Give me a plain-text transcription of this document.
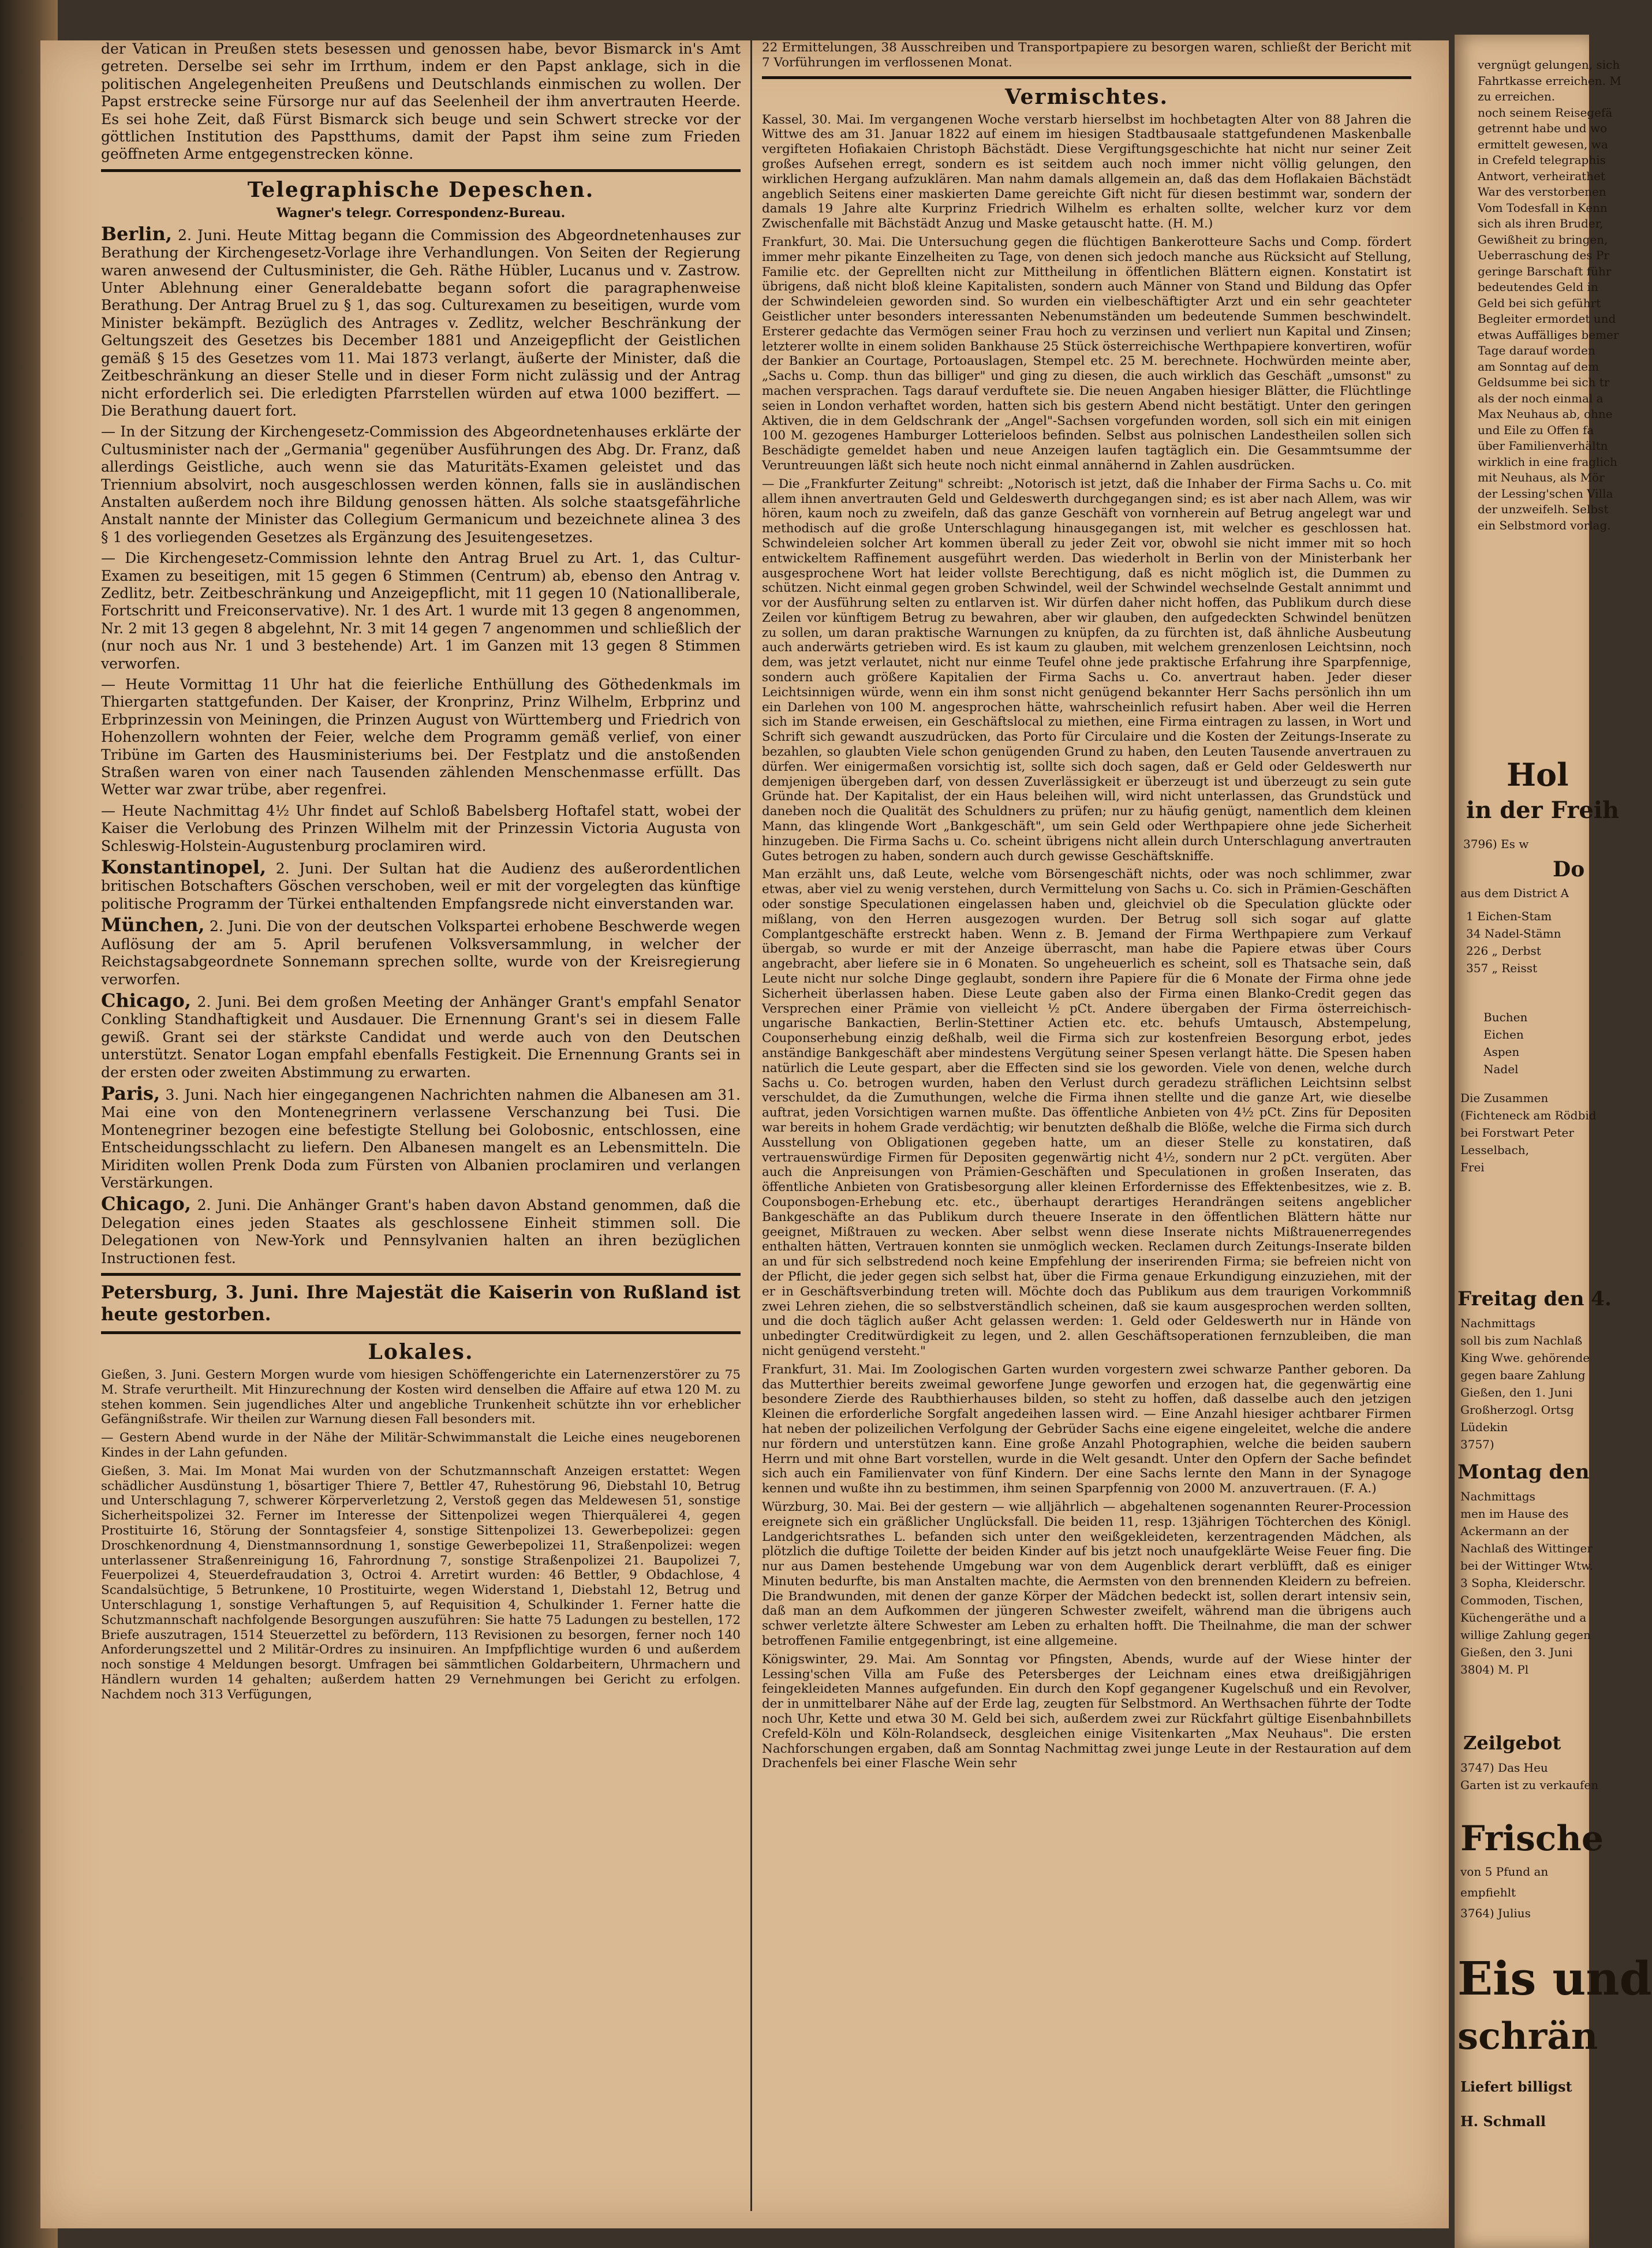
der Vatican in Preußen stets besessen und genossen habe, bevor Bismarck in's Amt getreten. Derselbe sei sehr im Irrthum, indem er den Papst anklage, sich in die politischen Angelegenheiten Preußens und Deutschlands einmischen zu wollen. Der Papst erstrecke seine Fürsorge nur auf das Seelenheil der ihm anvertrauten Heerde. Es sei hohe Zeit, daß Fürst Bismarck sich beuge und sein Schwert strecke vor der göttlichen Institution des Papstthums, damit der Papst ihm seine zum Frieden geöffneten Arme entgegenstrecken könne.

Telegraphische Depeschen.
Wagner's telegr. Correspondenz-Bureau.

Berlin, 2. Juni. Heute Mittag begann die Commission des Abgeordnetenhauses zur Berathung der Kirchengesetz-Vorlage ihre Verhandlungen. Von Seiten der Regierung waren anwesend der Cultusminister, die Geh. Räthe Hübler, Lucanus und v. Zastrow. Unter Ablehnung einer Generaldebatte begann sofort die paragraphenweise Berathung. Der Antrag Bruel zu § 1, das sog. Culturexamen zu beseitigen, wurde vom Minister bekämpft. Bezüglich des Antrages v. Zedlitz, welcher Beschränkung der Geltungszeit des Gesetzes bis December 1881 und Anzeigepflicht der Geistlichen gemäß § 15 des Gesetzes vom 11. Mai 1873 verlangt, äußerte der Minister, daß die Zeitbeschränkung an dieser Stelle und in dieser Form nicht zulässig und der Antrag nicht erforderlich sei. Die erledigten Pfarrstellen würden auf etwa 1000 beziffert. — Die Berathung dauert fort.

— In der Sitzung der Kirchengesetz-Commission des Abgeordnetenhauses erklärte der Cultusminister nach der „Germania" gegenüber Ausführungen des Abg. Dr. Franz, daß allerdings Geistliche, auch wenn sie das Maturitäts-Examen geleistet und das Triennium absolvirt, noch ausgeschlossen werden können, falls sie in ausländischen Anstalten außerdem noch ihre Bildung genossen hätten. Als solche staatsgefährliche Anstalt nannte der Minister das Collegium Germanicum und bezeichnete alinea 3 des § 1 des vorliegenden Gesetzes als Ergänzung des Jesuitengesetzes.

— Die Kirchengesetz-Commission lehnte den Antrag Bruel zu Art. 1, das Cultur-Examen zu beseitigen, mit 15 gegen 6 Stimmen (Centrum) ab, ebenso den Antrag v. Zedlitz, betr. Zeitbeschränkung und Anzeigepflicht, mit 11 gegen 10 (Nationalliberale, Fortschritt und Freiconservative). Nr. 1 des Art. 1 wurde mit 13 gegen 8 angenommen, Nr. 2 mit 13 gegen 8 abgelehnt, Nr. 3 mit 14 gegen 7 angenommen und schließlich der (nur noch aus Nr. 1 und 3 bestehende) Art. 1 im Ganzen mit 13 gegen 8 Stimmen verworfen.

— Heute Vormittag 11 Uhr hat die feierliche Enthüllung des Göthedenkmals im Thiergarten stattgefunden. Der Kaiser, der Kronprinz, Prinz Wilhelm, Erbprinz und Erbprinzessin von Meiningen, die Prinzen August von Württemberg und Friedrich von Hohenzollern wohnten der Feier, welche dem Programm gemäß verlief, von einer Tribüne im Garten des Hausministeriums bei. Der Festplatz und die anstoßenden Straßen waren von einer nach Tausenden zählenden Menschenmasse erfüllt. Das Wetter war zwar trübe, aber regenfrei.

— Heute Nachmittag 4½ Uhr findet auf Schloß Babelsberg Hoftafel statt, wobei der Kaiser die Verlobung des Prinzen Wilhelm mit der Prinzessin Victoria Augusta von Schleswig-Holstein-Augustenburg proclamiren wird.

Konstantinopel, 2. Juni. Der Sultan hat die Audienz des außerordentlichen britischen Botschafters Göschen verschoben, weil er mit der vorgelegten das künftige politische Programm der Türkei enthaltenden Empfangsrede nicht einverstanden war.

München, 2. Juni. Die von der deutschen Volkspartei erhobene Beschwerde wegen Auflösung der am 5. April berufenen Volksversammlung, in welcher der Reichstagsabgeordnete Sonnemann sprechen sollte, wurde von der Kreisregierung verworfen.

Chicago, 2. Juni. Bei dem großen Meeting der Anhänger Grant's empfahl Senator Conkling Standhaftigkeit und Ausdauer. Die Ernennung Grant's sei in diesem Falle gewiß. Grant sei der stärkste Candidat und werde auch von den Deutschen unterstützt. Senator Logan empfahl ebenfalls Festigkeit. Die Ernennung Grants sei in der ersten oder zweiten Abstimmung zu erwarten.

Paris, 3. Juni. Nach hier eingegangenen Nachrichten nahmen die Albanesen am 31. Mai eine von den Montenegrinern verlassene Verschanzung bei Tusi. Die Montenegriner bezogen eine befestigte Stellung bei Golobosnic, entschlossen, eine Entscheidungsschlacht zu liefern. Den Albanesen mangelt es an Lebensmitteln. Die Miriditen wollen Prenk Doda zum Fürsten von Albanien proclamiren und verlangen Verstärkungen.

Chicago, 2. Juni. Die Anhänger Grant's haben davon Abstand genommen, daß die Delegation eines jeden Staates als geschlossene Einheit stimmen soll. Die Delegationen von New-York und Pennsylvanien halten an ihren bezüglichen Instructionen fest.

Petersburg, 3. Juni. Ihre Majestät die Kaiserin von Rußland ist heute gestorben.
Lokales.

Gießen, 3. Juni. Gestern Morgen wurde vom hiesigen Schöffengerichte ein Laternenzerstörer zu 75 M. Strafe verurtheilt. Mit Hinzurechnung der Kosten wird denselben die Affaire auf etwa 120 M. zu stehen kommen. Sein jugendliches Alter und angebliche Trunkenheit schützte ihn vor erheblicher Gefängnißstrafe. Wir theilen zur Warnung diesen Fall besonders mit.

— Gestern Abend wurde in der Nähe der Militär-Schwimmanstalt die Leiche eines neugeborenen Kindes in der Lahn gefunden.

Gießen, 3. Mai. Im Monat Mai wurden von der Schutzmannschaft Anzeigen erstattet: Wegen schädlicher Ausdünstung 1, bösartiger Thiere 7, Bettler 47, Ruhestörung 96, Diebstahl 10, Betrug und Unterschlagung 7, schwerer Körperverletzung 2, Verstoß gegen das Meldewesen 51, sonstige Sicherheitspolizei 32. Ferner im Interesse der Sittenpolizei wegen Thierquälerei 4, gegen Prostituirte 16, Störung der Sonntagsfeier 4, sonstige Sittenpolizei 13. Gewerbepolizei: gegen Droschkenordnung 4, Dienstmannsordnung 1, sonstige Gewerbepolizei 11, Straßenpolizei: wegen unterlassener Straßenreinigung 16, Fahrordnung 7, sonstige Straßenpolizei 21. Baupolizei 7, Feuerpolizei 4, Steuerdefraudation 3, Octroi 4. Arretirt wurden: 46 Bettler, 9 Obdachlose, 4 Scandalsüchtige, 5 Betrunkene, 10 Prostituirte, wegen Widerstand 1, Diebstahl 12, Betrug und Unterschlagung 1, sonstige Verhaftungen 5, auf Requisition 4, Schulkinder 1. Ferner hatte die Schutzmannschaft nachfolgende Besorgungen auszuführen: Sie hatte 75 Ladungen zu bestellen, 172 Briefe auszutragen, 1514 Steuerzettel zu befördern, 113 Revisionen zu besorgen, ferner noch 140 Anforderungszettel und 2 Militär-Ordres zu insinuiren. An Impfpflichtige wurden 6 und außerdem noch sonstige 4 Meldungen besorgt. Umfragen bei sämmtlichen Goldarbeitern, Uhrmachern und Händlern wurden 14 gehalten; außerdem hatten 29 Vernehmungen bei Gericht zu erfolgen. Nachdem noch 313 Verfügungen,

22 Ermittelungen, 38 Ausschreiben und Transportpapiere zu besorgen waren, schließt der Bericht mit 7 Vorführungen im verflossenen Monat.

Vermischtes.

Kassel, 30. Mai. Im vergangenen Woche verstarb hierselbst im hochbetagten Alter von 88 Jahren die Wittwe des am 31. Januar 1822 auf einem im hiesigen Stadtbausaale stattgefundenen Maskenballe vergifteten Hofiakaien Christoph Bächstädt. Diese Vergiftungsgeschichte hat nicht nur seiner Zeit großes Aufsehen erregt, sondern es ist seitdem auch noch immer nicht völlig gelungen, den wirklichen Hergang aufzuklären. Man nahm damals allgemein an, daß das dem Hoflakaien Bächstädt angeblich Seitens einer maskierten Dame gereichte Gift nicht für diesen bestimmt war, sondern der damals 19 Jahre alte Kurprinz Friedrich Wilhelm es erhalten sollte, welcher kurz vor dem Zwischenfalle mit Bächstädt Anzug und Maske getauscht hatte. (H. M.)

Frankfurt, 30. Mai. Die Untersuchung gegen die flüchtigen Bankerotteure Sachs und Comp. fördert immer mehr pikante Einzelheiten zu Tage, von denen sich jedoch manche aus Rücksicht auf Stellung, Familie etc. der Geprellten nicht zur Mittheilung in öffentlichen Blättern eignen. Konstatirt ist übrigens, daß nicht bloß kleine Kapitalisten, sondern auch Männer von Stand und Bildung das Opfer der Schwindeleien geworden sind. So wurden ein vielbeschäftigter Arzt und ein sehr geachteter Geistlicher unter besonders interessanten Nebenumständen um bedeutende Summen beschwindelt. Ersterer gedachte das Vermögen seiner Frau hoch zu verzinsen und verliert nun Kapital und Zinsen; letzterer wollte in einem soliden Bankhause 25 Stück österreichische Werthpapiere konvertiren, wofür der Bankier an Courtage, Portoauslagen, Stempel etc. 25 M. berechnete. Hochwürden meinte aber, „Sachs u. Comp. thun das billiger" und ging zu diesen, die auch wirklich das Geschäft „umsonst" zu machen versprachen. Tags darauf verduftete sie. Die neuen Angaben hiesiger Blätter, die Flüchtlinge seien in London verhaftet worden, hatten sich bis gestern Abend nicht bestätigt. Unter den geringen Aktiven, die in dem Geldschrank der „Angel"-Sachsen vorgefunden worden, soll sich ein mit einigen 100 M. gezogenes Hamburger Lotterieloos befinden. Selbst aus polnischen Landestheilen sollen sich Beschädigte gemeldet haben und neue Anzeigen laufen tagtäglich ein. Die Gesammtsumme der Veruntreuungen läßt sich heute noch nicht einmal annähernd in Zahlen ausdrücken.

— Die „Frankfurter Zeitung" schreibt: „Notorisch ist jetzt, daß die Inhaber der Firma Sachs u. Co. mit allem ihnen anvertrauten Geld und Geldeswerth durchgegangen sind; es ist aber nach Allem, was wir hören, kaum noch zu zweifeln, daß das ganze Geschäft von vornherein auf Betrug angelegt war und methodisch auf die große Unterschlagung hinausgegangen ist, mit welcher es geschlossen hat. Schwindeleien solcher Art kommen überall zu jeder Zeit vor, obwohl sie nicht immer mit so hoch entwickeltem Raffinement ausgeführt werden. Das wiederholt in Berlin von der Ministerbank her ausgesprochene Wort hat leider vollste Berechtigung, daß es nicht möglich ist, die Dummen zu schützen. Nicht einmal gegen groben Schwindel, weil der Schwindel wechselnde Gestalt annimmt und vor der Ausführung selten zu entlarven ist. Wir dürfen daher nicht hoffen, das Publikum durch diese Zeilen vor künftigem Betrug zu bewahren, aber wir glauben, den aufgedeckten Schwindel benützen zu sollen, um daran praktische Warnungen zu knüpfen, da zu fürchten ist, daß ähnliche Ausbeutung auch anderwärts getrieben wird. Es ist kaum zu glauben, mit welchem grenzenlosen Leichtsinn, noch dem, was jetzt verlautet, nicht nur einme Teufel ohne jede praktische Erfahrung ihre Sparpfennige, sondern auch größere Kapitalien der Firma Sachs u. Co. anvertraut haben. Jeder dieser Leichtsinnigen würde, wenn ein ihm sonst nicht genügend bekannter Herr Sachs persönlich ihn um ein Darlehen von 100 M. angesprochen hätte, wahrscheinlich refusirt haben. Aber weil die Herren sich im Stande erweisen, ein Geschäftslocal zu miethen, eine Firma eintragen zu lassen, in Wort und Schrift sich gewandt auszudrücken, das Porto für Circulaire und die Kosten der Zeitungs-Inserate zu bezahlen, so glaubten Viele schon genügenden Grund zu haben, den Leuten Tausende anvertrauen zu dürfen. Wer einigermaßen vorsichtig ist, sollte sich doch sagen, daß er Geld oder Geldeswerth nur demjenigen übergeben darf, von dessen Zuverlässigkeit er überzeugt ist und überzeugt zu sein gute Gründe hat. Der Kapitalist, der ein Haus beleihen will, wird nicht unterlassen, das Grundstück und daneben noch die Qualität des Schuldners zu prüfen; nur zu häufig genügt, namentlich dem kleinen Mann, das klingende Wort „Bankgeschäft", um sein Geld oder Werthpapiere ohne jede Sicherheit hinzugeben. Die Firma Sachs u. Co. scheint übrigens nicht allein durch Unterschlagung anvertrauten Gutes betrogen zu haben, sondern auch durch gewisse Geschäftskniffe.

Man erzählt uns, daß Leute, welche vom Börsengeschäft nichts, oder was noch schlimmer, zwar etwas, aber viel zu wenig verstehen, durch Vermittelung von Sachs u. Co. sich in Prämien-Geschäften oder sonstige Speculationen eingelassen haben und, gleichviel ob die Speculation glückte oder mißlang, von den Herren ausgezogen wurden. Der Betrug soll sich sogar auf glatte Complantgeschäfte erstreckt haben. Wenn z. B. Jemand der Firma Werthpapiere zum Verkauf übergab, so wurde er mit der Anzeige überrascht, man habe die Papiere etwas über Cours angebracht, aber liefere sie in 6 Monaten. So ungeheuerlich es scheint, soll es Thatsache sein, daß Leute nicht nur solche Dinge geglaubt, sondern ihre Papiere für die 6 Monate der Firma ohne jede Sicherheit überlassen haben. Diese Leute gaben also der Firma einen Blanko-Credit gegen das Versprechen einer Prämie von vielleicht ½ pCt. Andere übergaben der Firma österreichisch-ungarische Bankactien, Berlin-Stettiner Actien etc. etc. behufs Umtausch, Abstempelung, Couponserhebung einzig deßhalb, weil die Firma sich zur kostenfreien Besorgung erbot, jedes anständige Bankgeschäft aber mindestens Vergütung seiner Spesen verlangt hätte. Die Spesen haben natürlich die Leute gespart, aber die Effecten sind sie los geworden. Viele von denen, welche durch Sachs u. Co. betrogen wurden, haben den Verlust durch geradezu sträflichen Leichtsinn selbst verschuldet, da die Zumuthungen, welche die Firma ihnen stellte und die ganze Art, wie dieselbe auftrat, jeden Vorsichtigen warnen mußte. Das öffentliche Anbieten von 4½ pCt. Zins für Depositen war bereits in hohem Grade verdächtig; wir benutzten deßhalb die Blöße, welche die Firma sich durch Ausstellung von Obligationen gegeben hatte, um an dieser Stelle zu konstatiren, daß vertrauenswürdige Firmen für Depositen gegenwärtig nicht 4½, sondern nur 2 pCt. vergüten. Aber auch die Anpreisungen von Prämien-Geschäften und Speculationen in großen Inseraten, das öffentliche Anbieten von Gratisbesorgung aller kleinen Erfordernisse des Effektenbesitzes, wie z. B. Couponsbogen-Erhebung etc. etc., überhaupt derartiges Herandrängen seitens angeblicher Bankgeschäfte an das Publikum durch theuere Inserate in den öffentlichen Blättern hätte nur geeignet, Mißtrauen zu wecken. Aber selbst wenn diese Inserate nichts Mißtrauenerregendes enthalten hätten, Vertrauen konnten sie unmöglich wecken. Reclamen durch Zeitungs-Inserate bilden an und für sich selbstredend noch keine Empfehlung der inserirenden Firma; sie befreien nicht von der Pflicht, die jeder gegen sich selbst hat, über die Firma genaue Erkundigung einzuziehen, mit der er in Geschäftsverbindung treten will. Möchte doch das Publikum aus dem traurigen Vorkommniß zwei Lehren ziehen, die so selbstverständlich scheinen, daß sie kaum ausgesprochen werden sollten, und die doch täglich außer Acht gelassen werden: 1. Geld oder Geldeswerth nur in Hände von unbedingter Creditwürdigkeit zu legen, und 2. allen Geschäftsoperationen fernzubleiben, die man nicht genügend versteht."

Frankfurt, 31. Mai. Im Zoologischen Garten wurden vorgestern zwei schwarze Panther geboren. Da das Mutterthier bereits zweimal geworfene Junge geworfen und erzogen hat, die gegenwärtig eine besondere Zierde des Raubthierhauses bilden, so steht zu hoffen, daß dasselbe auch den jetzigen Kleinen die erforderliche Sorgfalt angedeihen lassen wird. — Eine Anzahl hiesiger achtbarer Firmen hat neben der polizeilichen Verfolgung der Gebrüder Sachs eine eigene eingeleitet, welche die andere nur fördern und unterstützen kann. Eine große Anzahl Photographien, welche die beiden saubern Herrn und mit ohne Bart vorstellen, wurde in die Welt gesandt. Unter den Opfern der Sache befindet sich auch ein Familienvater von fünf Kindern. Der eine Sachs lernte den Mann in der Synagoge kennen und wußte ihn zu bestimmen, ihm seinen Sparpfennig von 2000 M. anzuvertrauen. (F. A.)

Würzburg, 30. Mai. Bei der gestern — wie alljährlich — abgehaltenen sogenannten Reurer-Procession ereignete sich ein gräßlicher Unglücksfall. Die beiden 11, resp. 13jährigen Töchterchen des Königl. Landgerichtsrathes L. befanden sich unter den weißgekleideten, kerzentragenden Mädchen, als plötzlich die duftige Toilette der beiden Kinder auf bis jetzt noch unaufgeklärte Weise Feuer fing. Die nur aus Damen bestehende Umgebung war von dem Augenblick derart verblüfft, daß es einiger Minuten bedurfte, bis man Anstalten machte, die Aermsten von den brennenden Kleidern zu befreien. Die Brandwunden, mit denen der ganze Körper der Mädchen bedeckt ist, sollen derart intensiv sein, daß man an dem Aufkommen der jüngeren Schwester zweifelt, während man die übrigens auch schwer verletzte ältere Schwester am Leben zu erhalten hofft. Die Theilnahme, die man der schwer betroffenen Familie entgegenbringt, ist eine allgemeine.

Königswinter, 29. Mai. Am Sonntag vor Pfingsten, Abends, wurde auf der Wiese hinter der Lessing'schen Villa am Fuße des Petersberges der Leichnam eines etwa dreißigjährigen feingekleideten Mannes aufgefunden. Ein durch den Kopf gegangener Kugelschuß und ein Revolver, der in unmittelbarer Nähe auf der Erde lag, zeugten für Selbstmord. An Werthsachen führte der Todte noch Uhr, Kette und etwa 30 M. Geld bei sich, außerdem zwei zur Rückfahrt gültige Eisenbahnbillets Crefeld-Köln und Köln-Rolandseck, desgleichen einige Visitenkarten „Max Neuhaus". Die ersten Nachforschungen ergaben, daß am Sonntag Nachmittag zwei junge Leute in der Restauration auf dem Drachenfels bei einer Flasche Wein sehr

vergnügt gelungen, sich
Fahrtkasse erreichen. M
zu erreichen.
noch seinem Reisegefä
getrennt habe und wo
ermittelt gewesen, wa
in Crefeld telegraphis
Antwort, verheirathet
War des verstorbenen
Vom Todesfall in Kenn
sich als ihren Bruder,
Gewißheit zu bringen,
Ueberraschung des Pr
geringe Barschaft führ
bedeutendes Geld in
Geld bei sich geführt
Begleiter ermordet und
etwas Auffälliges bemer
Tage darauf worden
am Sonntag auf dem
Geldsumme bei sich tr
als der noch einmal a
Max Neuhaus ab, ohne
und Eile zu Offen fa
über Familienverhältn
wirklich in eine fraglich
mit Neuhaus, als Mör
der Lessing'schen Villa
der unzweifelh. Selbst
ein Selbstmord vorlag.
Hol
in der Freih
3796) Es w
Do
aus dem District A
1 Eichen-Stam
34 Nadel-Stämn
226 „ Derbst
357 „ Reisst
Buchen
Eichen
Aspen
Nadel
Die Zusammen
(Fichteneck am Rödbid
bei Forstwart Peter
Lesselbach,
Frei
Freitag den 4.
Nachmittags
soll bis zum Nachlaß
King Wwe. gehörende
gegen baare Zahlung
Gießen, den 1. Juni
Großherzogl. Ortsg
Lüdekin
3757)
Montag den
Nachmittags
men im Hause des
Ackermann an der
Nachlaß des Wittinger
bei der Wittinger Wtw.
3 Sopha, Kleiderschr.
Commoden, Tischen,
Küchengeräthe und a
willige Zahlung gegen
Gießen, den 3. Juni
3804) M. Pl
Zeilgebot
3747) Das Heu
Garten ist zu verkaufen
Frische
von 5 Pfund an
empfiehlt
3764) Julius
Eis und
schrän
Liefert billigst
H. Schmall
